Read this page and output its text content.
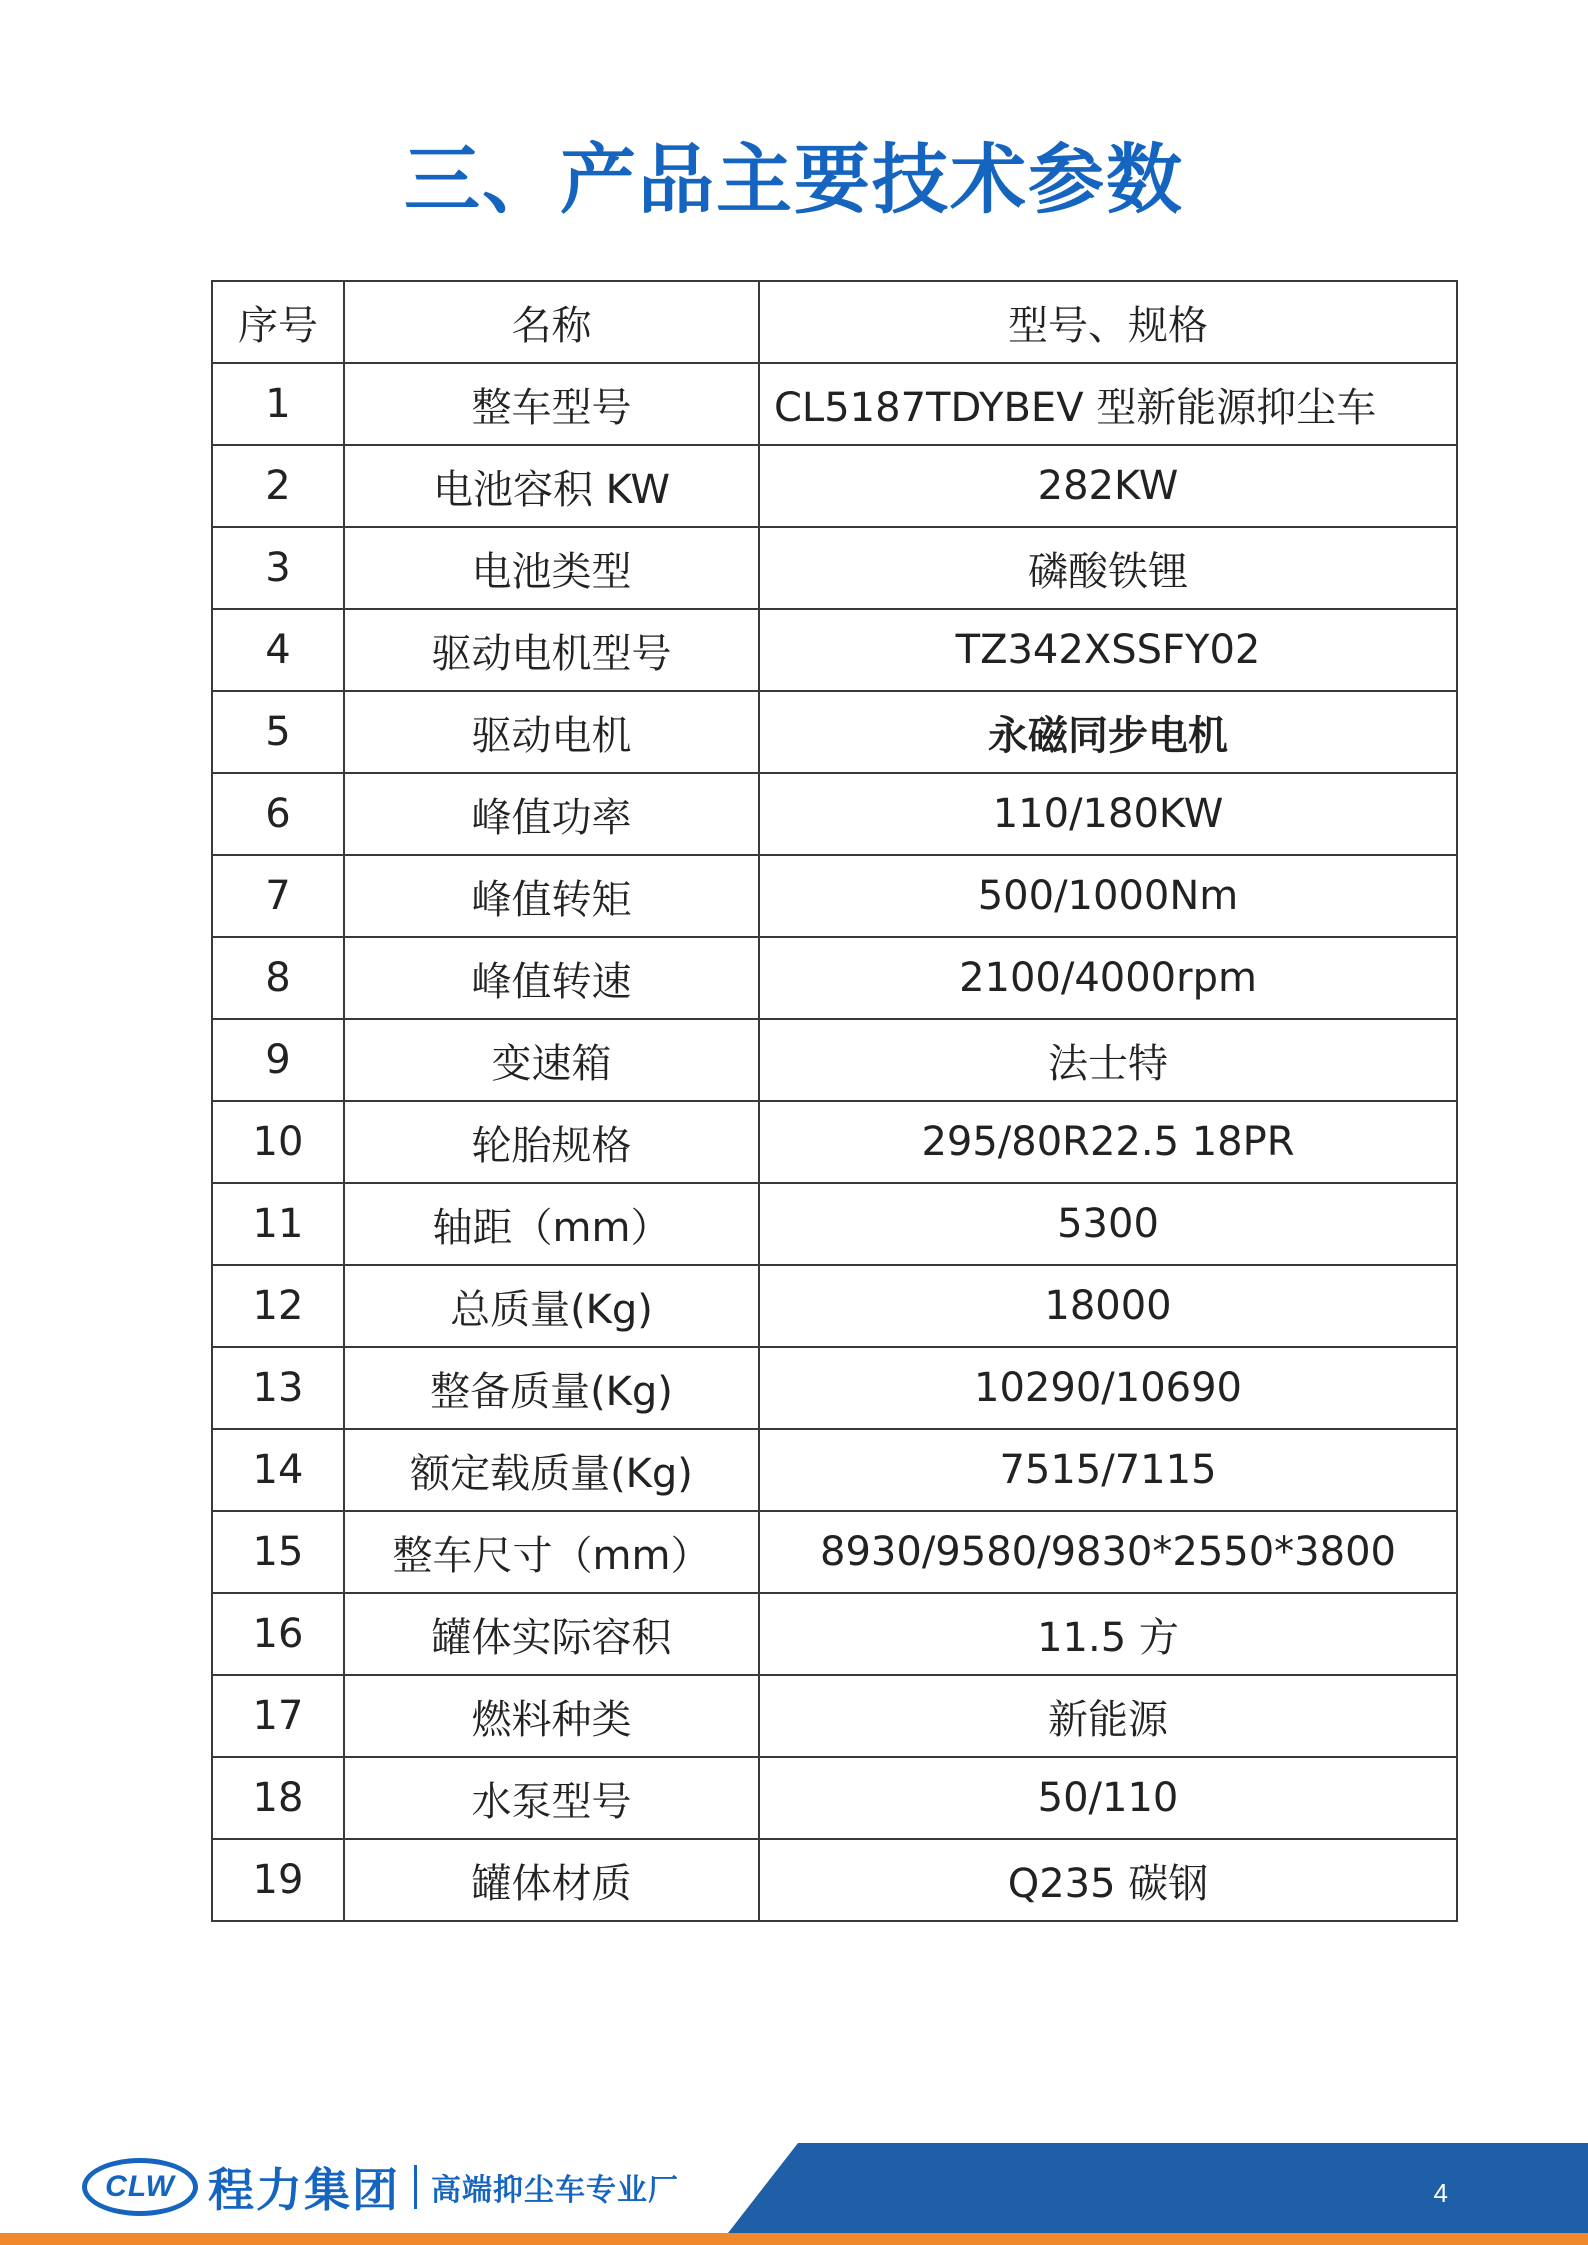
三、产品主要技术参数
序号	名称	型号、规格
1	整车型号	CL5187TDYBEV 型新能源抑尘车
2	电池容积 KW	282KW
3	电池类型	磷酸铁锂
4	驱动电机型号	TZ342XSSFY02
5	驱动电机	永磁同步电机
6	峰值功率	110/180KW
7	峰值转矩	500/1000Nm
8	峰值转速	2100/4000rpm
9	变速箱	法士特
10	轮胎规格	295/80R22.5 18PR
11	轴距（mm）	5300
12	总质量(Kg)	18000
13	整备质量(Kg)	10290/10690
14	额定载质量(Kg)	7515/7115
15	整车尺寸（mm）	8930/9580/9830*2550*3800
16	罐体实际容积	11.5 方
17	燃料种类	新能源
18	水泵型号	50/110
19	罐体材质	Q235 碳钢
CLW 程力集团 高端抑尘车专业厂	4
